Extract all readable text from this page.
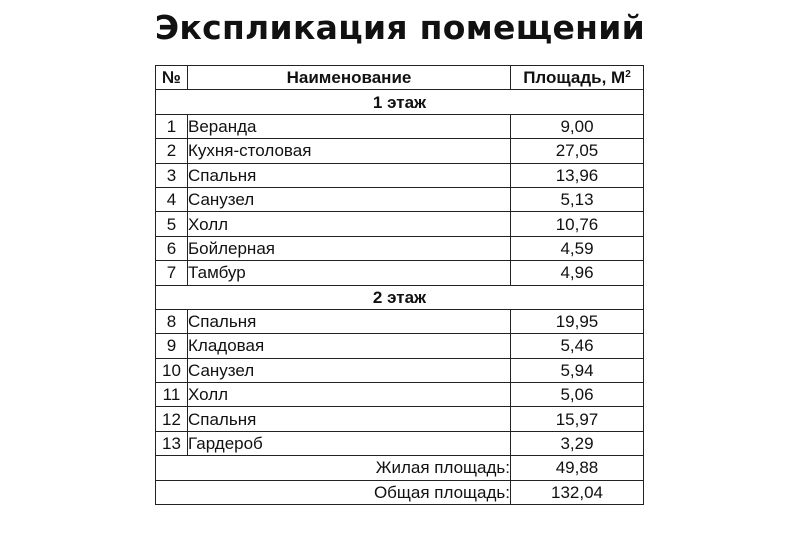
Экспликация помещений
№	Наименование	Площадь, $М^2$
1 этаж		
1	Веранда	9,00
2	Кухня-столовая	27,05
3	Спальня	13,96
4	Санузел	5,13
5	Холл	10,76
6	Бойлерная	4,59
7	Тамбур	4,96
2 этаж		
8	Спальня	19,95
9	Кладовая	5,46
10	Санузел	5,94
11	Холл	5,06
12	Спальня	15,97
13	Гардероб	3,29
Жилая площадь:		49,88
Общая площадь:		132,04
